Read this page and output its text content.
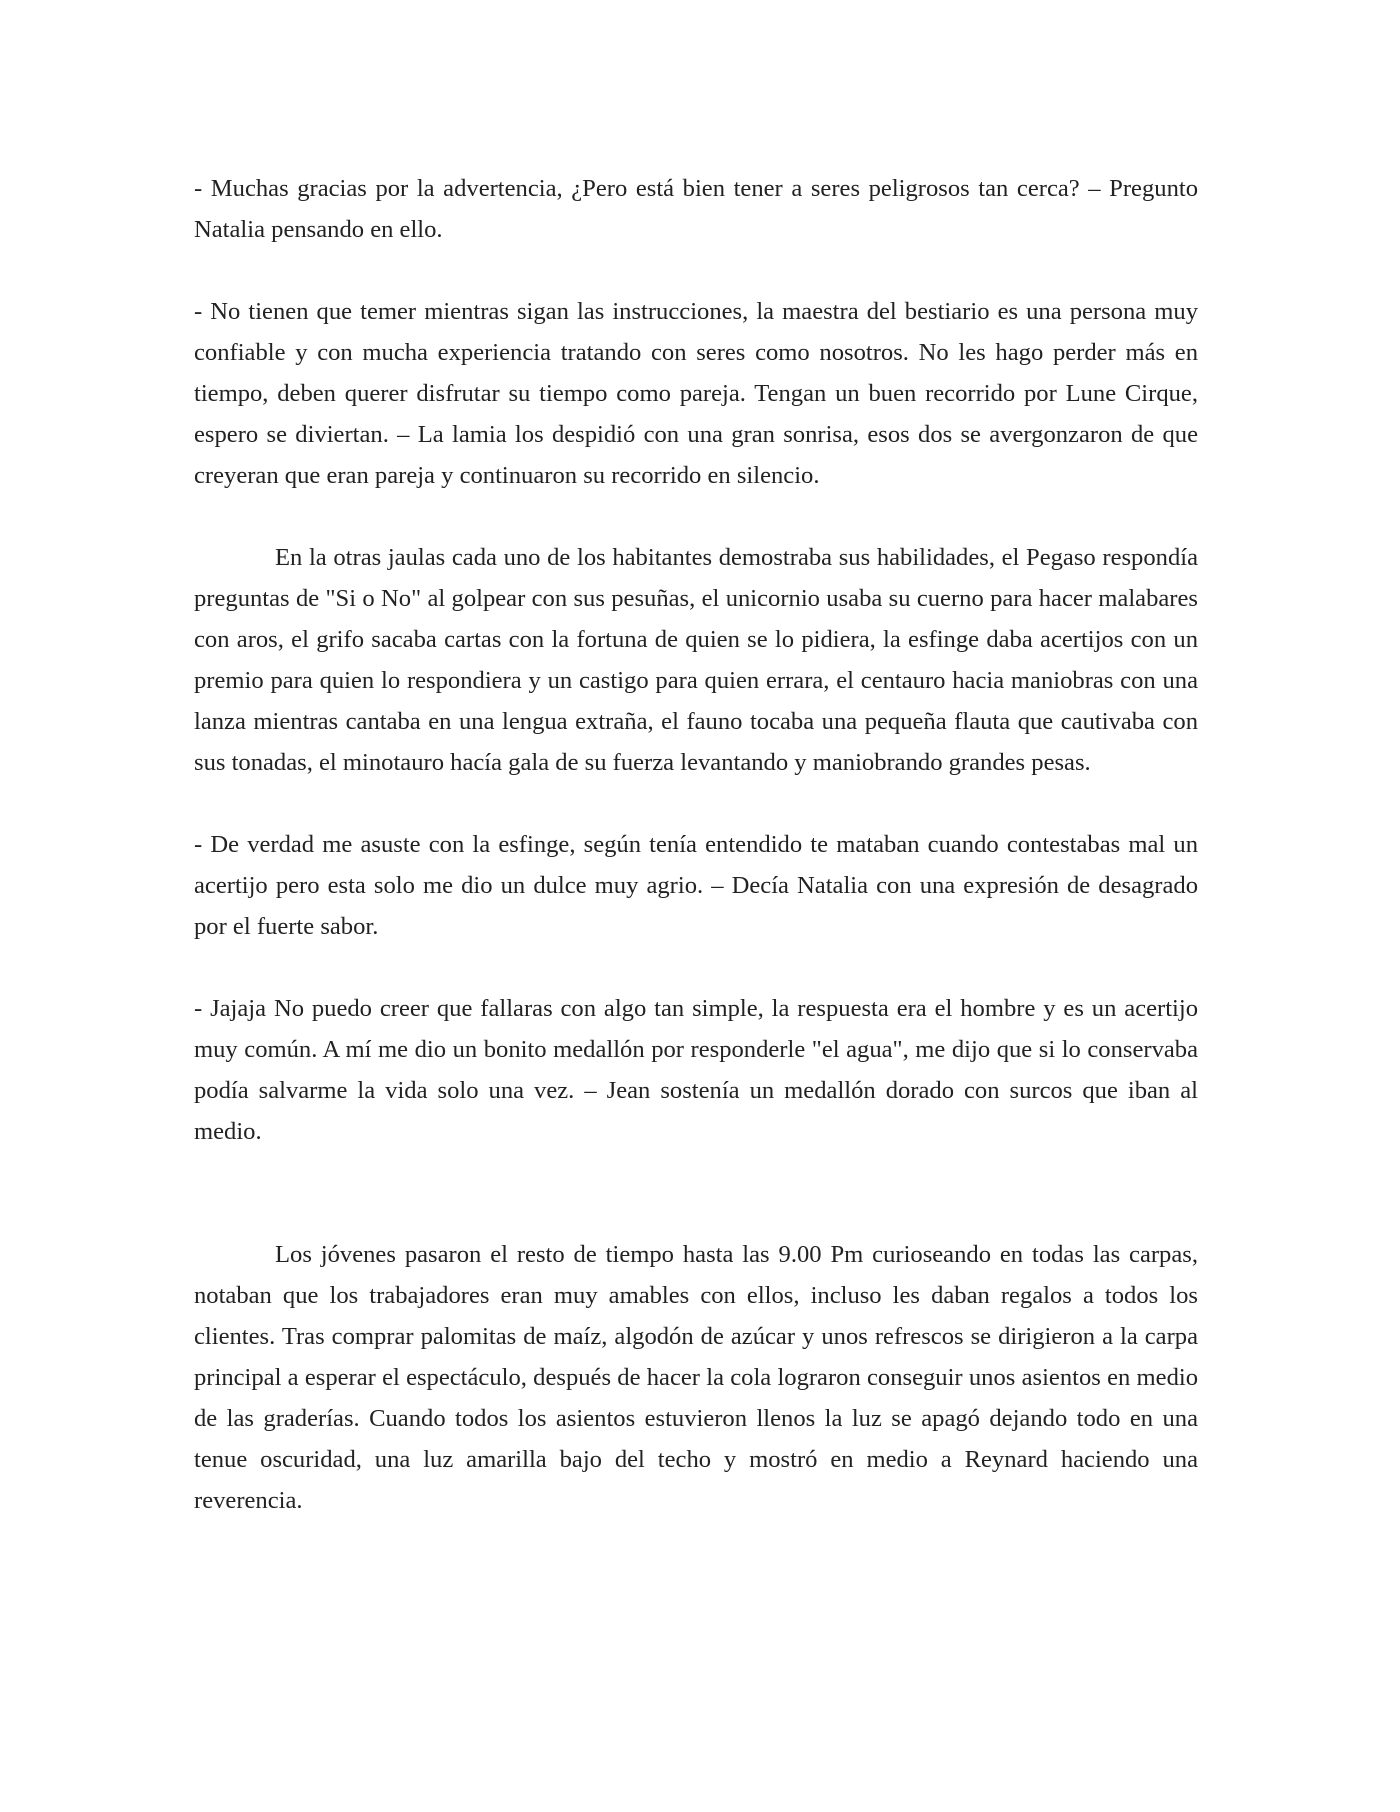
- Muchas gracias por la advertencia, ¿Pero está bien tener a seres peligrosos tan cerca? – Pregunto Natalia pensando en ello.

- No tienen que temer mientras sigan las instrucciones, la maestra del bestiario es una persona muy confiable y con mucha experiencia tratando con seres como nosotros. No les hago perder más en tiempo, deben querer disfrutar su tiempo como pareja. Tengan un buen recorrido por Lune Cirque, espero se diviertan. – La lamia los despidió con una gran sonrisa, esos dos se avergonzaron de que creyeran que eran pareja y continuaron su recorrido en silencio.

En la otras jaulas cada uno de los habitantes demostraba sus habilidades, el Pegaso respondía preguntas de "Si o No" al golpear con sus pesuñas, el unicornio usaba su cuerno para hacer malabares con aros, el grifo sacaba cartas con la fortuna de quien se lo pidiera, la esfinge daba acertijos con un premio para quien lo respondiera y un castigo para quien errara, el centauro hacia maniobras con una lanza mientras cantaba en una lengua extraña, el fauno tocaba una pequeña flauta que cautivaba con sus tonadas, el minotauro hacía gala de su fuerza levantando y maniobrando grandes pesas.

- De verdad me asuste con la esfinge, según tenía entendido te mataban cuando contestabas mal un acertijo pero esta solo me dio un dulce muy agrio. – Decía Natalia con una expresión de desagrado por el fuerte sabor.

- Jajaja No puedo creer que fallaras con algo tan simple, la respuesta era el hombre y es un acertijo muy común. A mí me dio un bonito medallón por responderle "el agua", me dijo que si lo conservaba podía salvarme la vida solo una vez. – Jean sostenía un medallón dorado con surcos que iban al medio.

Los jóvenes pasaron el resto de tiempo hasta las 9.00 Pm curioseando en todas las carpas, notaban que los trabajadores eran muy amables con ellos, incluso les daban regalos a todos los clientes. Tras comprar palomitas de maíz, algodón de azúcar y unos refrescos se dirigieron a la carpa principal a esperar el espectáculo, después de hacer la cola lograron conseguir unos asientos en medio de las graderías. Cuando todos los asientos estuvieron llenos la luz se apagó dejando todo en una tenue oscuridad, una luz amarilla bajo del techo y mostró en medio a Reynard haciendo una reverencia.
